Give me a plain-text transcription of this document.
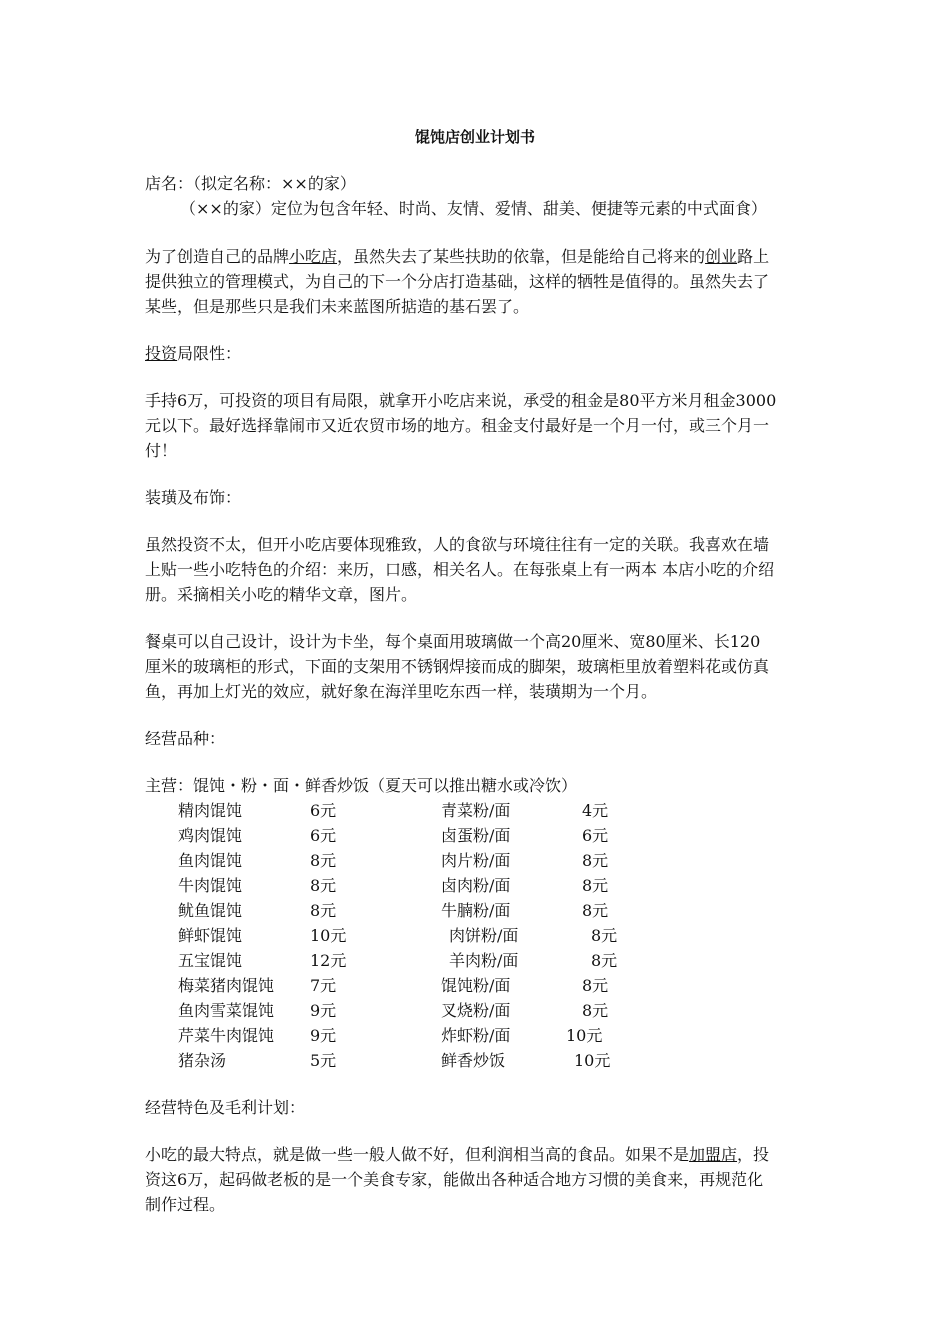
馄饨店创业计划书
店名：（拟定名称：××的家）
（××的家）定位为包含年轻、时尚、友情、爱情、甜美、便捷等元素的中式面食）
为了创造自己的品牌小吃店，虽然失去了某些扶助的依靠，但是能给自己将来的创业路上
提供独立的管理模式，为自己的下一个分店打造基础，这样的牺牲是值得的。虽然失去了
某些，但是那些只是我们未来蓝图所掂造的基石罢了。
投资局限性：
手持6万，可投资的项目有局限，就拿开小吃店来说，承受的租金是80平方米月租金3000
元以下。最好选择靠闹市又近农贸市场的地方。租金支付最好是一个月一付，或三个月一
付！
装璜及布饰：
虽然投资不太，但开小吃店要体现雅致，人的食欲与环境往往有一定的关联。我喜欢在墙
上贴一些小吃特色的介绍：来历，口感，相关名人。在每张桌上有一两本 本店小吃的介绍
册。采摘相关小吃的精华文章，图片。
餐桌可以自己设计，设计为卡坐，每个桌面用玻璃做一个高20厘米、宽80厘米、长120
厘米的玻璃柜的形式，下面的支架用不锈钢焊接而成的脚架，玻璃柜里放着塑料花或仿真
鱼，再加上灯光的效应，就好象在海洋里吃东西一样，装璜期为一个月。
经营品种：
主营：馄饨・粉・面・鲜香炒饭（夏天可以推出糖水或冷饮）
精肉馄饨	6元	青菜粉/面	4元
鸡肉馄饨	6元	卤蛋粉/面	6元
鱼肉馄饨	8元	肉片粉/面	8元
牛肉馄饨	8元	卤肉粉/面	8元
鱿鱼馄饨	8元	牛腩粉/面	8元
鲜虾馄饨	10元	肉饼粉/面	8元
五宝馄饨	12元	羊肉粉/面	8元
梅菜猪肉馄饨 7元	馄饨粉/面	8元
鱼肉雪菜馄饨 9元	叉烧粉/面	8元
芹菜牛肉馄饨 9元	炸虾粉/面	10元
猪杂汤	5元	鲜香炒饭	10元
经营特色及毛利计划：
小吃的最大特点，就是做一些一般人做不好，但利润相当高的食品。如果不是加盟店，投
资这6万，起码做老板的是一个美食专家，能做出各种适合地方习惯的美食来，再规范化
制作过程。
